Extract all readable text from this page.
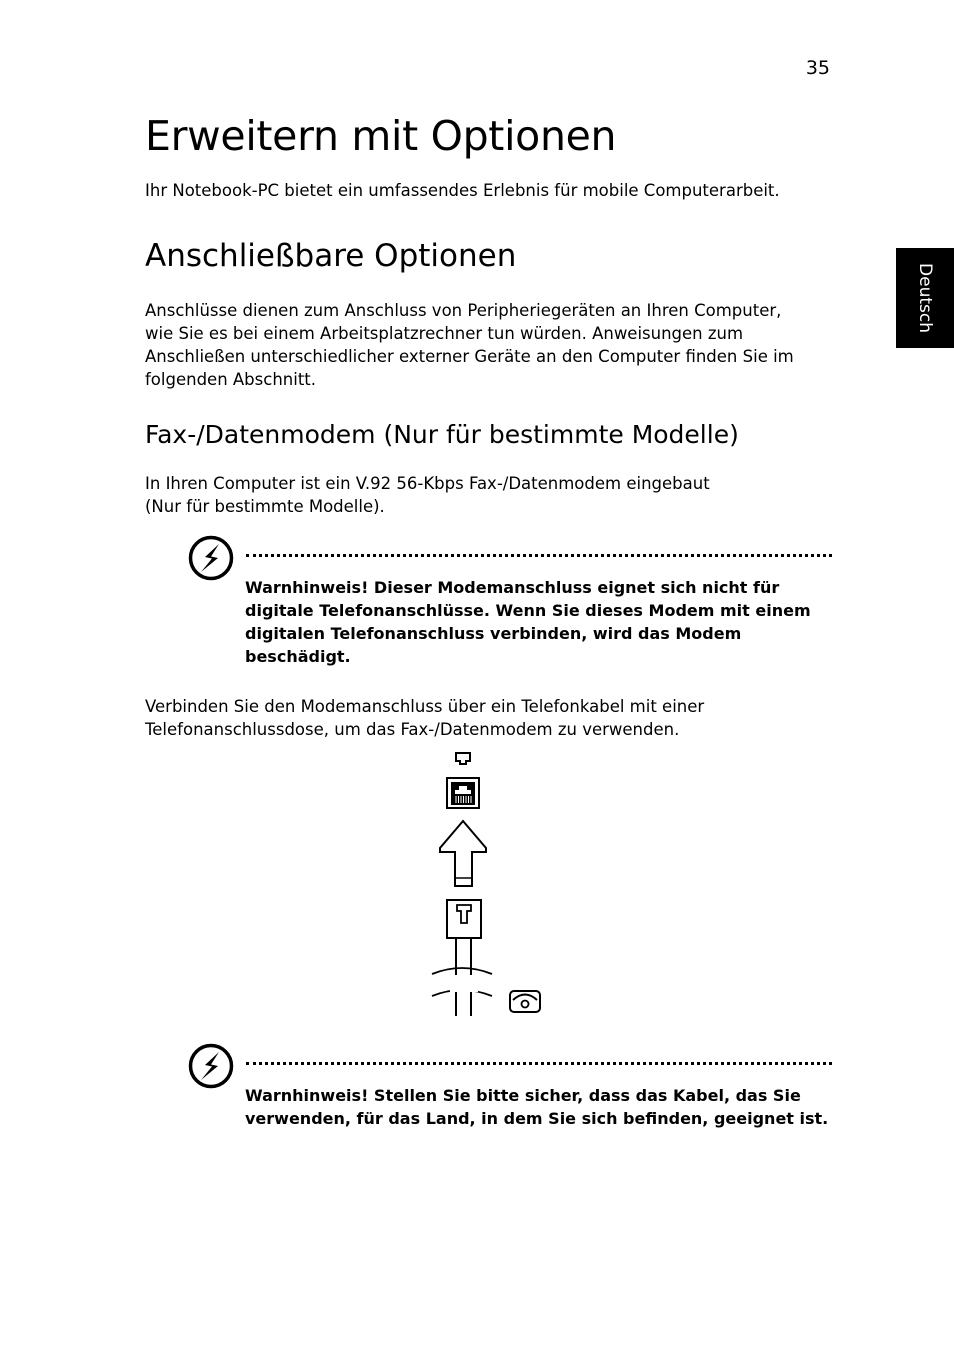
35
Deutsch
Erweitern mit Optionen
Ihr Notebook-PC bietet ein umfassendes Erlebnis für mobile Computerarbeit.
Anschließbare Optionen

Anschlüsse dienen zum Anschluss von Peripheriegeräten an Ihren Computer,
wie Sie es bei einem Arbeitsplatzrechner tun würden. Anweisungen zum
Anschließen unterschiedlicher externer Geräte an den Computer finden Sie im
folgenden Abschnitt.

Fax-/Datenmodem (Nur für bestimmte Modelle)

In Ihren Computer ist ein V.92 56-Kbps Fax-/Datenmodem eingebaut
(Nur für bestimmte Modelle).

Warnhinweis! Dieser Modemanschluss eignet sich nicht für
digitale Telefonanschlüsse. Wenn Sie dieses Modem mit einem
digitalen Telefonanschluss verbinden, wird das Modem
beschädigt.

Verbinden Sie den Modemanschluss über ein Telefonkabel mit einer
Telefonanschlussdose, um das Fax-/Datenmodem zu verwenden.

Warnhinweis! Stellen Sie bitte sicher, dass das Kabel, das Sie
verwenden, für das Land, in dem Sie sich befinden, geeignet ist.
